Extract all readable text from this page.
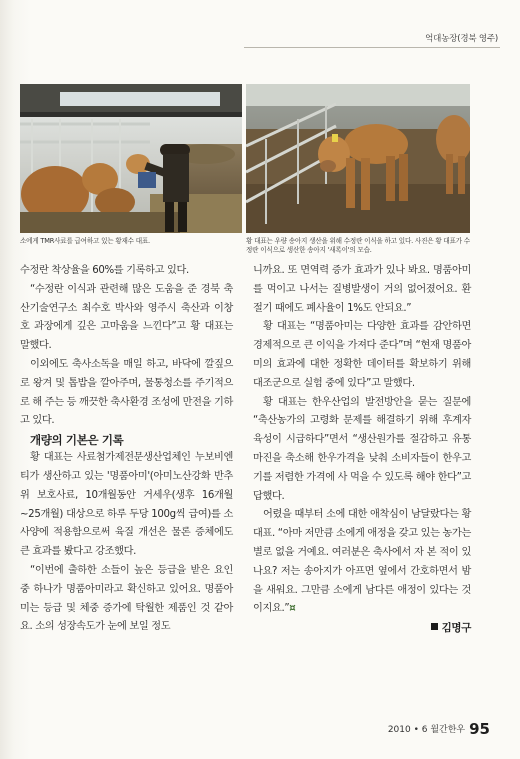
억대농장(경북 영주)
소에게 TMR사료를 급여하고 있는 황재수 대표.	황 대표는 우량 송아지 생산을 위해 수정란 이식을 하고 있다. 사진은 황 대표가 수정란 이식으로 생산한 송아지 '새록이'의 모습.

수정란 착상율을 60%를 기록하고 있다.

“수정란 이식과 관련해 많은 도움을 준 경북 축산기술연구소 최수호 박사와 영주시 축산과 이창호 과장에게 깊은 고마움을 느낀다”고 황 대표는 말했다.

이외에도 축사소독을 매일 하고, 바닥에 깔짚으로 왕겨 및 톱밥을 깔아주며, 물통청소를 주기적으로 해 주는 등 깨끗한 축사환경 조성에 만전을 기하고 있다.

개량의 기본은 기록

황 대표는 사료첨가제전문생산업체인 누보비엔티가 생산하고 있는 '명품아미'(아미노산강화 반추위 보호사료, 10개월동안 거세우(생후 16개월~25개월) 대상으로 하루 두당 100g씩 급여)를 소 사양에 적용함으로써 육질 개선은 물론 증체에도 큰 효과를 봤다고 강조했다.

“이번에 출하한 소들이 높은 등급을 받은 요인 중 하나가 명품아미라고 확신하고 있어요. 명품아미는 등급 및 체중 증가에 탁월한 제품인 것 같아요. 소의 성장속도가 눈에 보일 정도

니까요. 또 면역력 증가 효과가 있나 봐요. 명품아미를 먹이고 나서는 질병발생이 거의 없어졌어요. 환절기 때에도 폐사율이 1%도 안되요.”

황 대표는 “명품아미는 다양한 효과를 감안하면 경제적으로 큰 이익을 가져다 준다”며 “현재 명품아미의 효과에 대한 정확한 데이터를 확보하기 위해 대조군으로 실험 중에 있다”고 말했다.

황 대표는 한우산업의 발전방안을 묻는 질문에 “축산농가의 고령화 문제를 해결하기 위해 후계자 육성이 시급하다”면서 “생산원가를 절감하고 유통마진을 축소해 한우가격을 낮춰 소비자들이 한우고기를 저렴한 가격에 사 먹을 수 있도록 해야 한다”고 답했다.

어렸을 때부터 소에 대한 애착심이 남달랐다는 황 대표. “아마 저만큼 소에게 애정을 갖고 있는 농가는 별로 없을 거예요. 여러분은 축사에서 자 본 적이 있나요? 저는 송아지가 아프면 옆에서 간호하면서 밤을 새워요. 그만큼 소에게 남다른 애정이 있다는 것이지요.”¤

김명구
2010 • 6 월간한우 95
